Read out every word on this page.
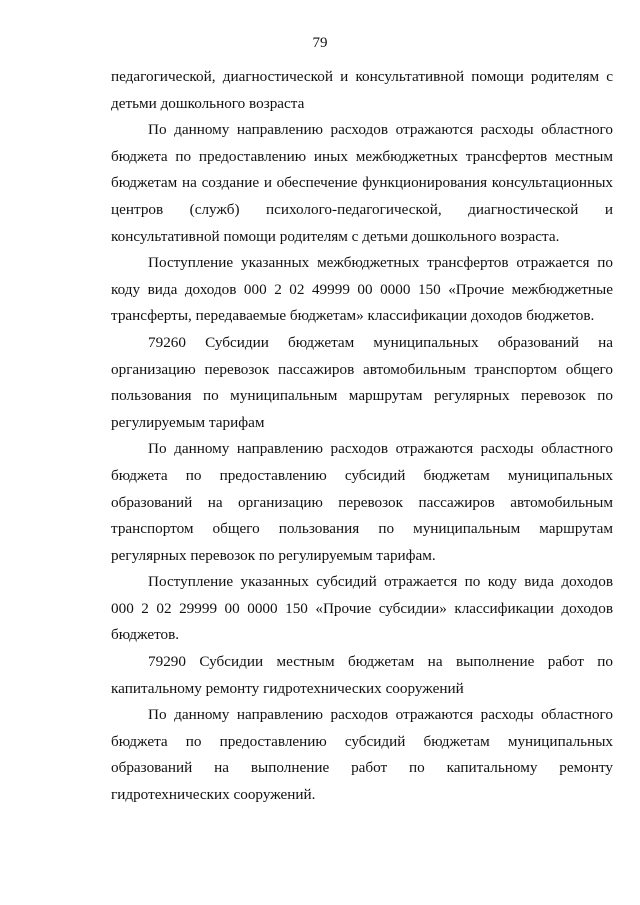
79

педагогической, диагностической и консультативной помощи родителям с детьми дошкольного возраста

По данному направлению расходов отражаются расходы областного бюджета по предоставлению иных межбюджетных трансфертов местным бюджетам на создание и обеспечение функционирования консультационных центров (служб) психолого-педагогической, диагностической и консультативной помощи родителям с детьми дошкольного возраста.

Поступление указанных межбюджетных трансфертов отражается по коду вида доходов 000 2 02 49999 00 0000 150 «Прочие межбюджетные трансферты, передаваемые бюджетам» классификации доходов бюджетов.

79260 Субсидии бюджетам муниципальных образований на организацию перевозок пассажиров автомобильным транспортом общего пользования по муниципальным маршрутам регулярных перевозок по регулируемым тарифам

По данному направлению расходов отражаются расходы областного бюджета по предоставлению субсидий бюджетам муниципальных образований на организацию перевозок пассажиров автомобильным транспортом общего пользования по муниципальным маршрутам регулярных перевозок по регулируемым тарифам.

Поступление указанных субсидий отражается по коду вида доходов 000 2 02 29999 00 0000 150 «Прочие субсидии» классификации доходов бюджетов.

79290 Субсидии местным бюджетам на выполнение работ по капитальному ремонту гидротехнических сооружений

По данному направлению расходов отражаются расходы областного бюджета по предоставлению субсидий бюджетам муниципальных образований на выполнение работ по капитальному ремонту гидротехнических сооружений.
